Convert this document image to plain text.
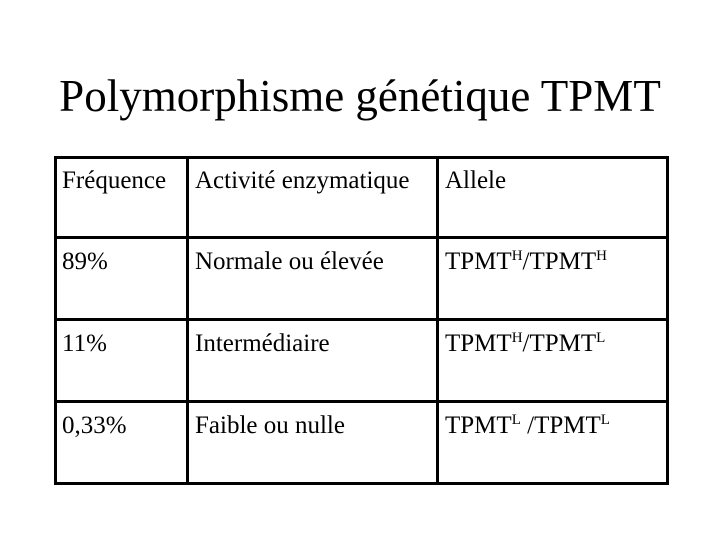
Polymorphisme génétique TPMT
Fréquence	Activité enzymatique	Allele
89%	Normale ou élevée	$TPMT^H/TPMT^H$
11%	Intermédiaire	$TPMT^H/TPMT^L$
0,33%	Faible ou nulle	$TPMT^L$ $/TPMT^L$
